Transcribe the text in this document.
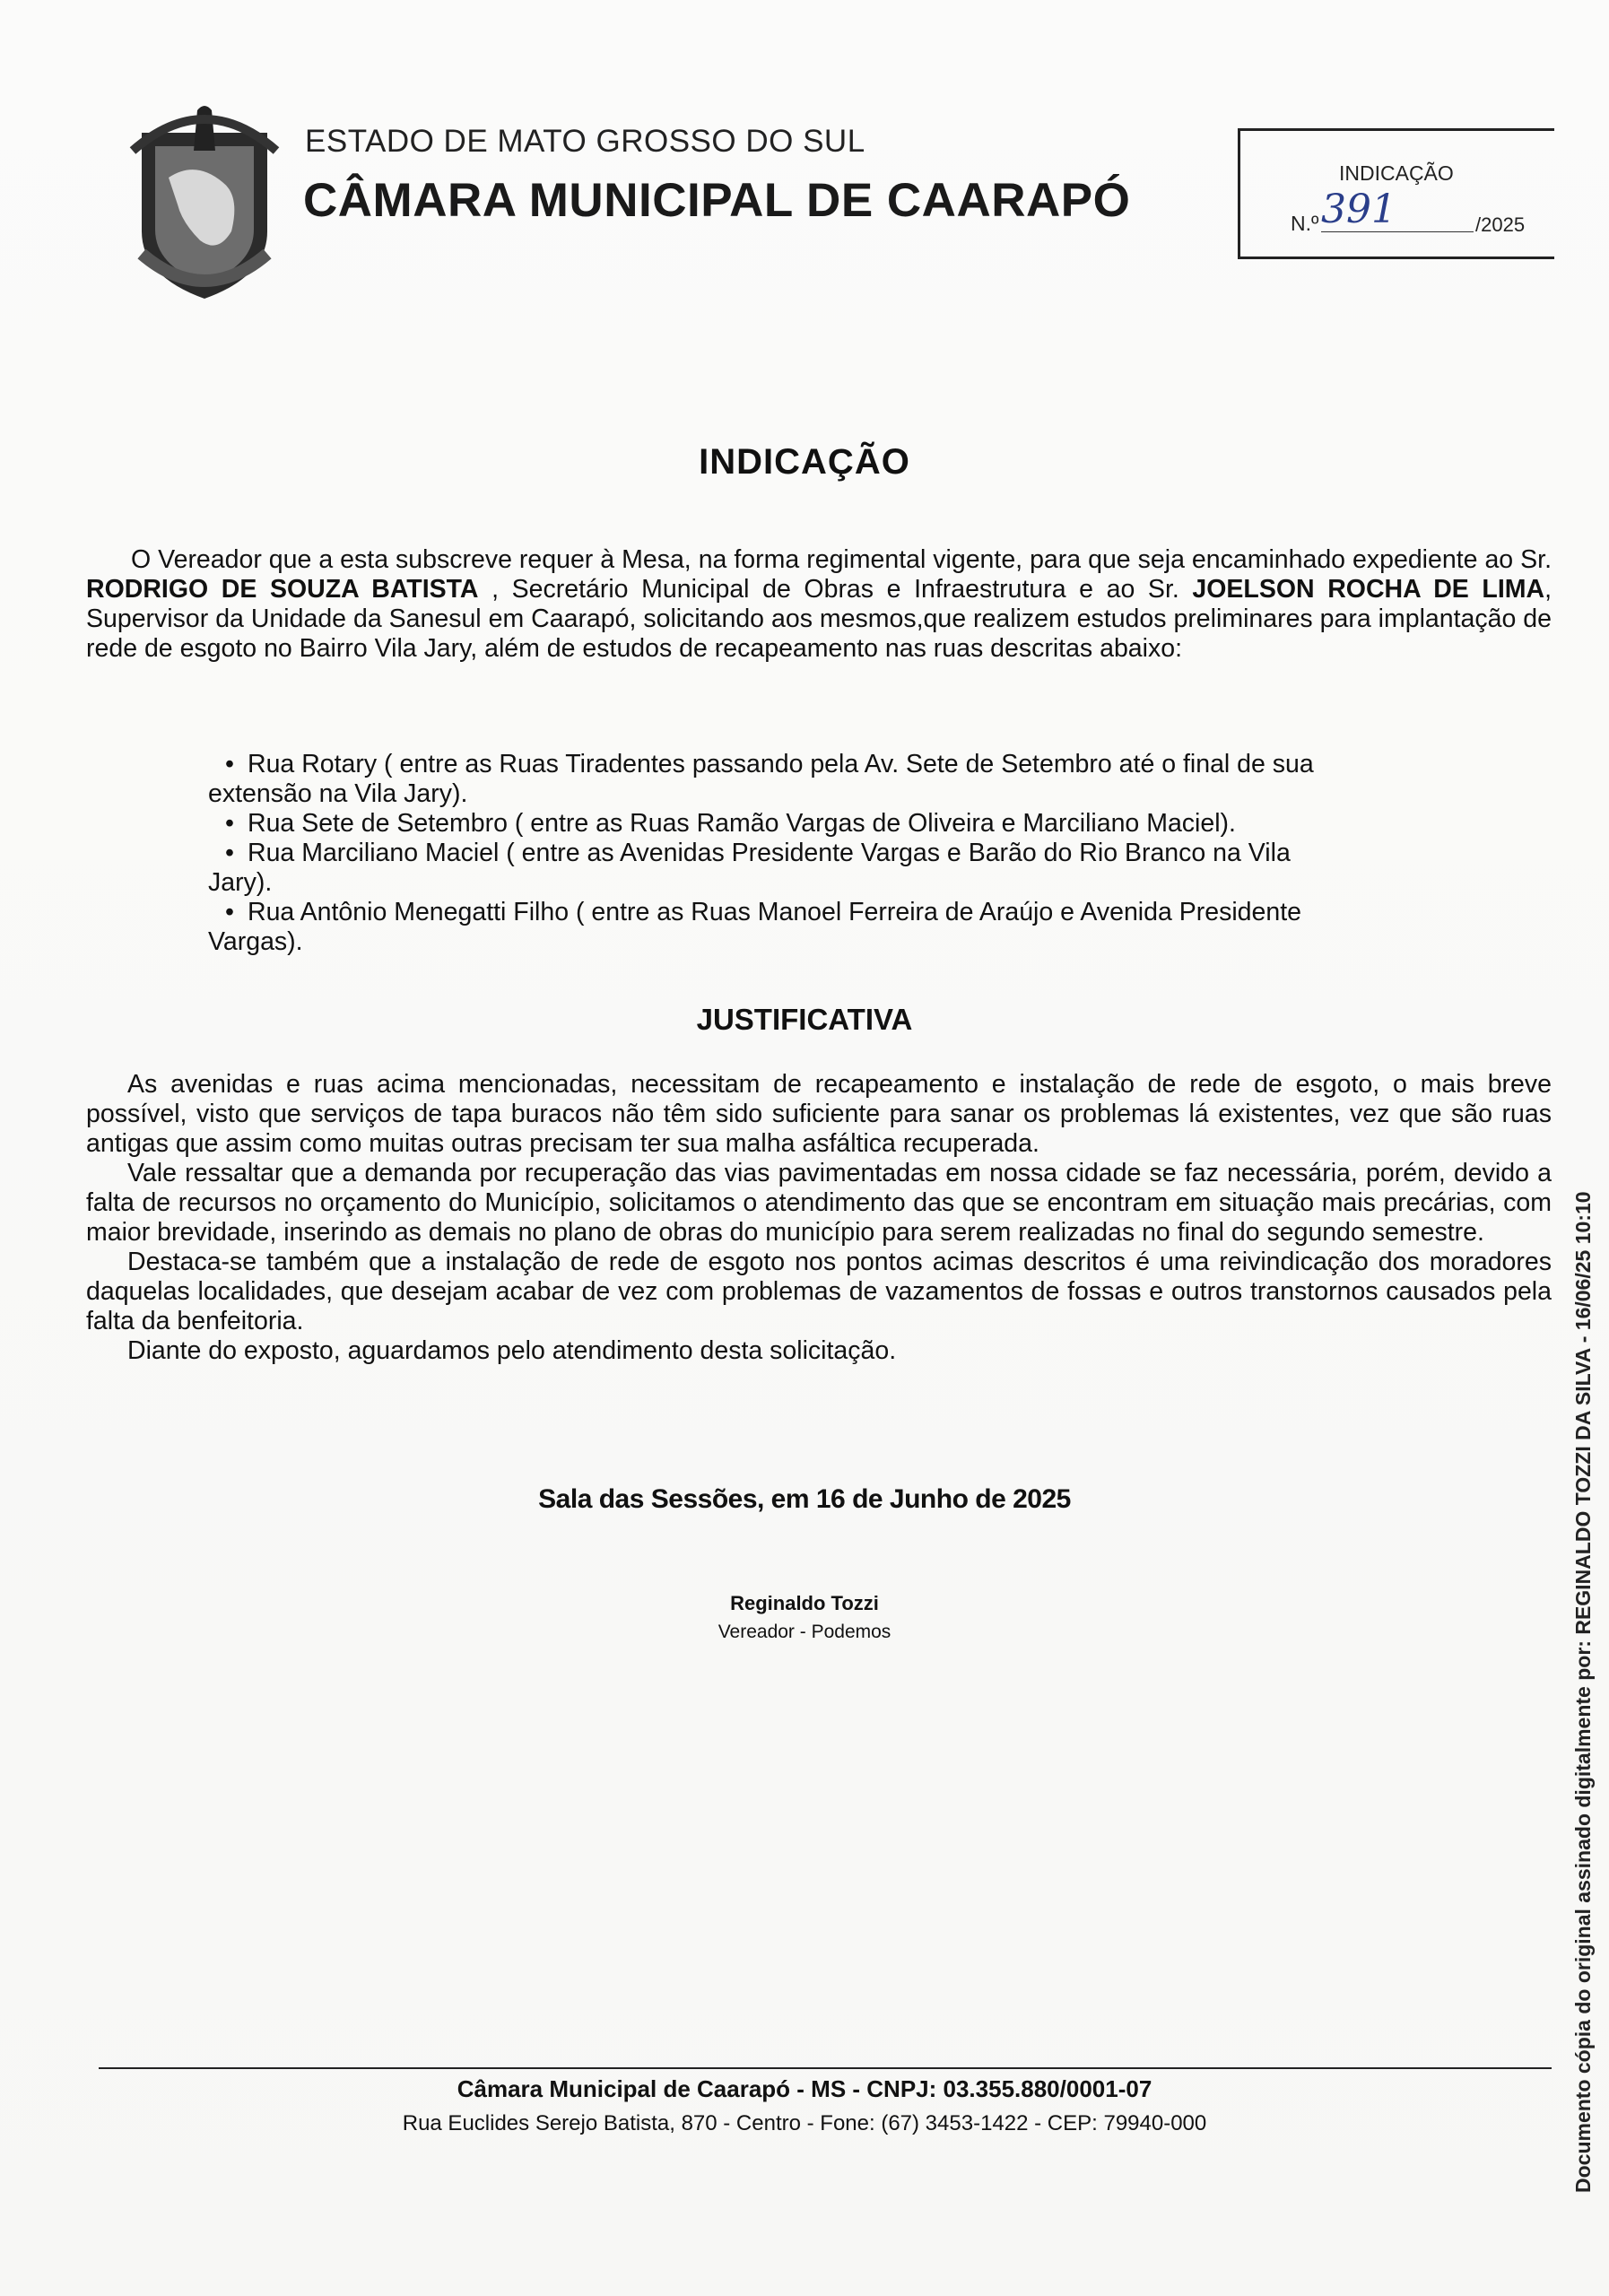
ESTADO DE MATO GROSSO DO SUL
CÂMARA MUNICIPAL DE CAARAPÓ
INDICAÇÃO
N.º 391	/2025
INDICAÇÃO
O Vereador que a esta subscreve requer à Mesa, na forma regimental vigente, para que seja encaminhado expediente ao Sr. RODRIGO DE SOUZA BATISTA , Secretário Municipal de Obras e Infraestrutura e ao Sr. JOELSON ROCHA DE LIMA, Supervisor da Unidade da Sanesul em Caarapó, solicitando aos mesmos,que realizem estudos preliminares para implantação de rede de esgoto no Bairro Vila Jary, além de estudos de recapeamento nas ruas descritas abaixo:
• Rua Rotary ( entre as Ruas Tiradentes passando pela Av. Sete de Setembro até o final de sua
extensão na Vila Jary).
• Rua Sete de Setembro ( entre as Ruas Ramão Vargas de Oliveira e Marciliano Maciel).
• Rua Marciliano Maciel ( entre as Avenidas Presidente Vargas e Barão do Rio Branco na Vila
Jary).
• Rua Antônio Menegatti Filho ( entre as Ruas Manoel Ferreira de Araújo e Avenida Presidente
Vargas).
JUSTIFICATIVA

As avenidas e ruas acima mencionadas, necessitam de recapeamento e instalação de rede de esgoto, o mais breve possível, visto que serviços de tapa buracos não têm sido suficiente para sanar os problemas lá existentes, vez que são ruas antigas que assim como muitas outras precisam ter sua malha asfáltica recuperada.

Vale ressaltar que a demanda por recuperação das vias pavimentadas em nossa cidade se faz necessária, porém, devido a falta de recursos no orçamento do Município, solicitamos o atendimento das que se encontram em situação mais precárias, com maior brevidade, inserindo as demais no plano de obras do município para serem realizadas no final do segundo semestre.

Destaca-se também que a instalação de rede de esgoto nos pontos acimas descritos é uma reivindicação dos moradores daquelas localidades, que desejam acabar de vez com problemas de vazamentos de fossas e outros transtornos causados pela falta da benfeitoria.

Diante do exposto, aguardamos pelo atendimento desta solicitação.

Sala das Sessões, em 16 de Junho de 2025
Reginaldo Tozzi
Vereador - Podemos
Câmara Municipal de Caarapó - MS - CNPJ: 03.355.880/0001-07
Rua Euclides Serejo Batista, 870 - Centro - Fone: (67) 3453-1422 - CEP: 79940-000	Documento cópia do original assinado digitalmente por: REGINALDO TOZZI DA SILVA - 16/06/25 10:10
